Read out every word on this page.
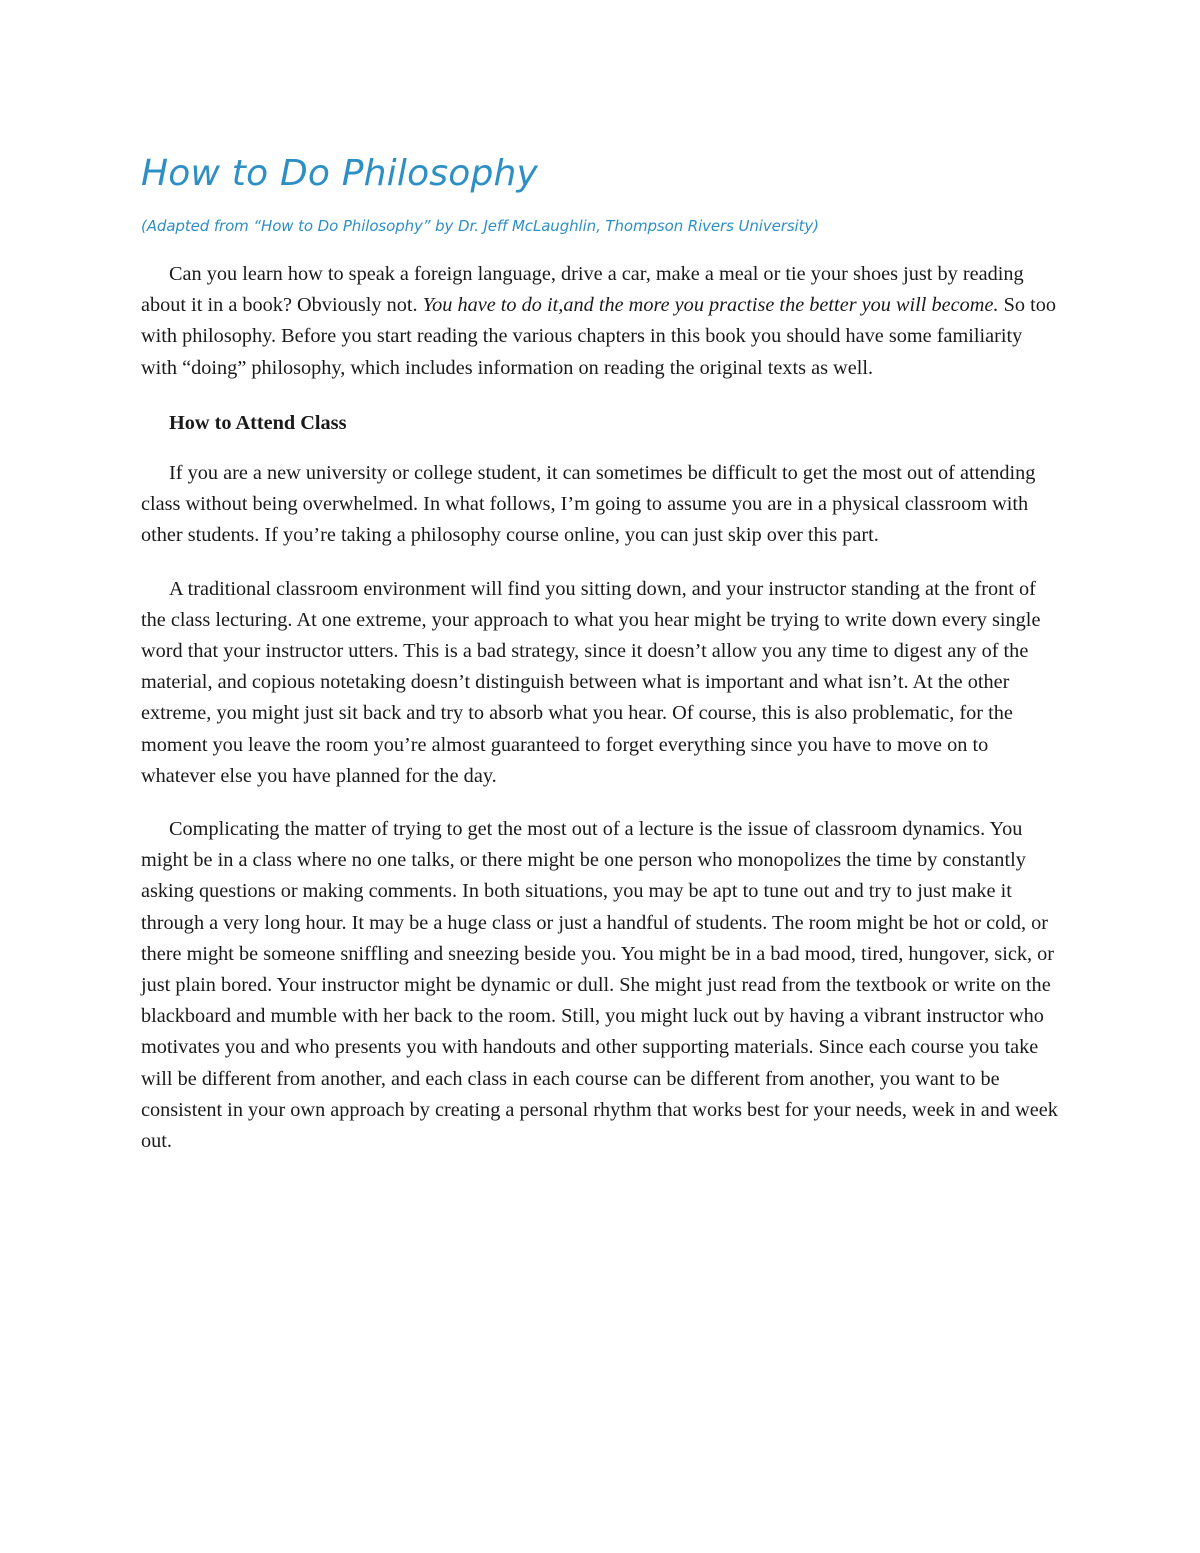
How to Do Philosophy

(Adapted from “How to Do Philosophy” by Dr. Jeff McLaughlin, Thompson Rivers University)

Can you learn how to speak a foreign language, drive a car, make a meal or tie your shoes just by reading about it in a book? Obviously not. You have to do it,and the more you practise the better you will become. So too with philosophy. Before you start reading the various chapters in this book you should have some familiarity with “doing” philosophy, which includes information on reading the original texts as well.

How to Attend Class

If you are a new university or college student, it can sometimes be difficult to get the most out of attending class without being overwhelmed. In what follows, I’m going to assume you are in a physical classroom with other students. If you’re taking a philosophy course online, you can just skip over this part.

A traditional classroom environment will find you sitting down, and your instructor standing at the front of the class lecturing. At one extreme, your approach to what you hear might be trying to write down every single word that your instructor utters. This is a bad strategy, since it doesn’t allow you any time to digest any of the material, and copious notetaking doesn’t distinguish between what is important and what isn’t. At the other extreme, you might just sit back and try to absorb what you hear. Of course, this is also problematic, for the moment you leave the room you’re almost guaranteed to forget everything since you have to move on to whatever else you have planned for the day.

Complicating the matter of trying to get the most out of a lecture is the issue of classroom dynamics. You might be in a class where no one talks, or there might be one person who monopolizes the time by constantly asking questions or making comments. In both situations, you may be apt to tune out and try to just make it through a very long hour. It may be a huge class or just a handful of students. The room might be hot or cold, or there might be someone sniffling and sneezing beside you. You might be in a bad mood, tired, hungover, sick, or just plain bored. Your instructor might be dynamic or dull. She might just read from the textbook or write on the blackboard and mumble with her back to the room. Still, you might luck out by having a vibrant instructor who motivates you and who presents you with handouts and other supporting materials. Since each course you take will be different from another, and each class in each course can be different from another, you want to be consistent in your own approach by creating a personal rhythm that works best for your needs, week in and week out.
